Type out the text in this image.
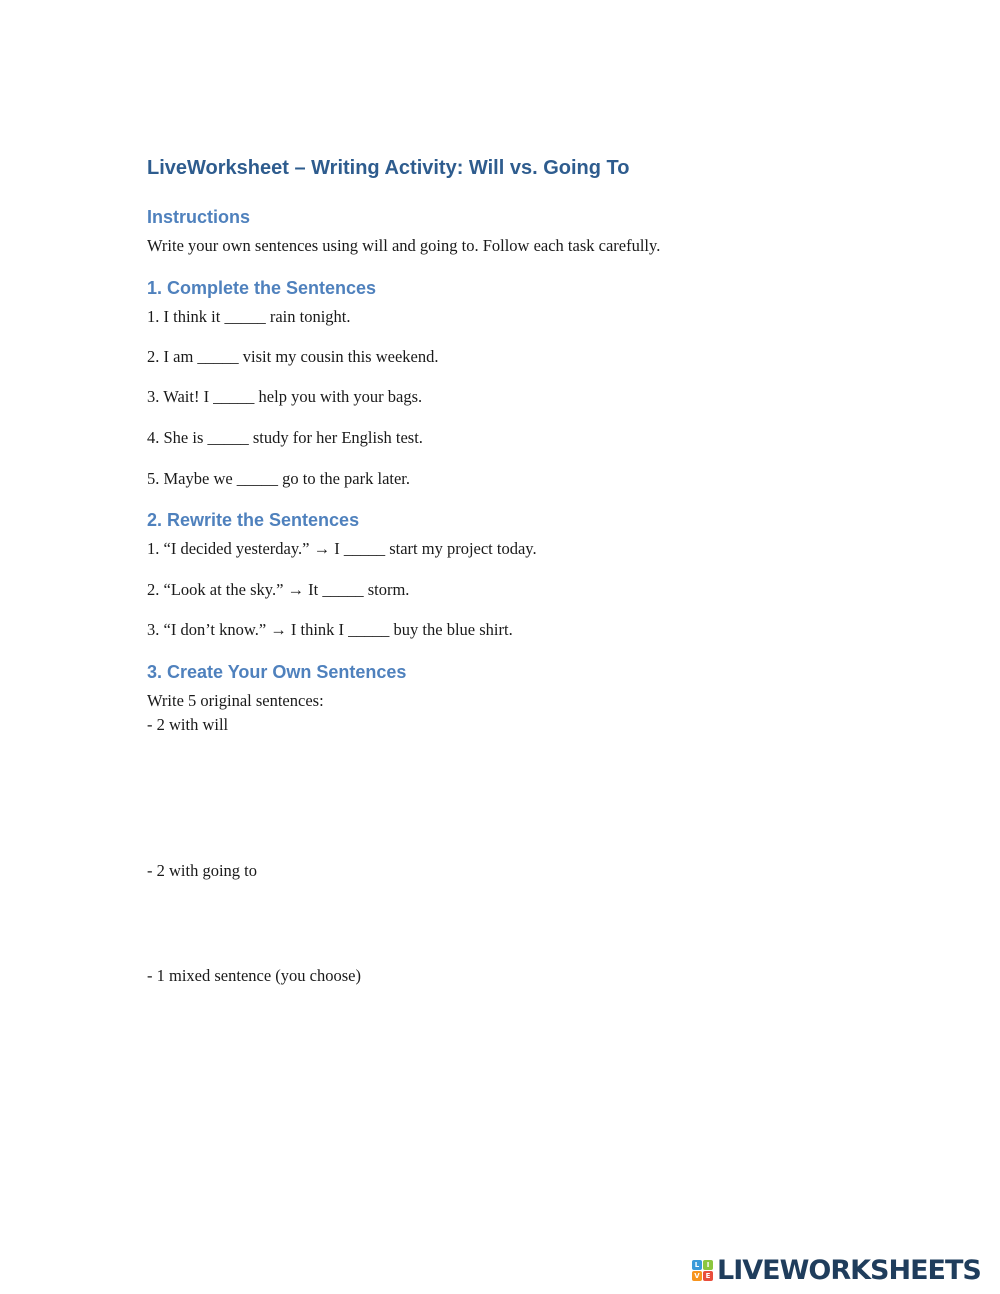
LiveWorksheet – Writing Activity: Will vs. Going To
Instructions

Write your own sentences using will and going to. Follow each task carefully.

1. Complete the Sentences

1. I think it _____ rain tonight.

2. I am _____ visit my cousin this weekend.

3. Wait! I _____ help you with your bags.

4. She is _____ study for her English test.

5. Maybe we _____ go to the park later.

2. Rewrite the Sentences

1. “I decided yesterday.” → I _____ start my project today.

2. “Look at the sky.” → It _____ storm.

3. “I don’t know.” → I think I _____ buy the blue shirt.

3. Create Your Own Sentences

Write 5 original sentences:

- 2 with will

- 2 with going to

- 1 mixed sentence (you choose)

L	I
V E LIVEWORKSHEETS
